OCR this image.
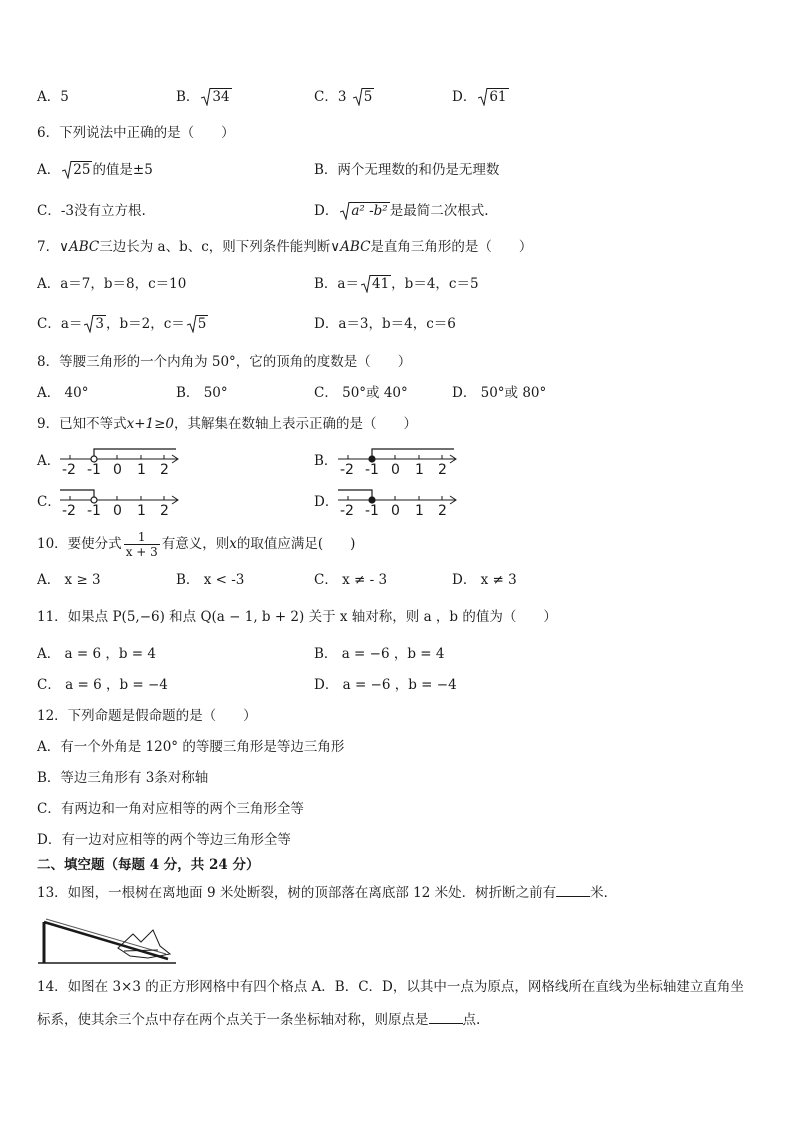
A．5	B． 34	C．3 5	D． 61
6．下列说法中正确的是（　　）
A． 25 的值是±5	B．两个无理数的和仍是无理数
C．-3没有立方根.	D． a² -b² 是最简二次根式.
7．∨ABC三边长为 a、b、c，则下列条件能判断∨ABC是直角三角形的是（　　）
A．a＝7，b＝8，c＝10	B．a＝ 41 ，b＝4，c＝5
C．a＝ 3 ，b＝2，c＝ 5	D．a＝3，b＝4，c＝6
8．等腰三角形的一个内角为 50°，它的顶角的度数是（　　）
A． 40°	B． 50°	C． 50°或 40°	D． 50°或 80°
9．已知不等式x+1≥0，其解集在数轴上表示正确的是（　　）
A．
-2 -1 0 1 2
B．
-2 -1 0 1 2
C．
-2 -1 0 1 2
D．
-2 -1 0 1 2
10．要使分式 $\frac{1}{x + 3}$ 有意义，则x的取值应满足(　　)
A． x ≥ 3	B． x < -3	C． x ≠ - 3	D． x ≠ 3
11．如果点 P(5,−6) 和点 Q(a − 1, b + 2) 关于 x 轴对称，则 a ，b 的值为（　　）
A． a = 6 ，b = 4	B． a = −6 ，b = 4
C． a = 6 ，b = −4	D． a = −6 ，b = −4
12．下列命题是假命题的是（　　）
A．有一个外角是 120° 的等腰三角形是等边三角形
B．等边三角形有 3条对称轴
C．有两边和一角对应相等的两个三角形全等
D．有一边对应相等的两个等边三角形全等
二、填空题（每题 4 分，共 24 分）
13．如图，一根树在离地面 9 米处断裂，树的顶部落在离底部 12 米处．树折断之前有	米．
14．如图在 3×3 的正方形网格中有四个格点 A．B．C．D，以其中一点为原点，网格线所在直线为坐标轴建立直角坐
标系，使其余三个点中存在两个点关于一条坐标轴对称，则原点是	点.
